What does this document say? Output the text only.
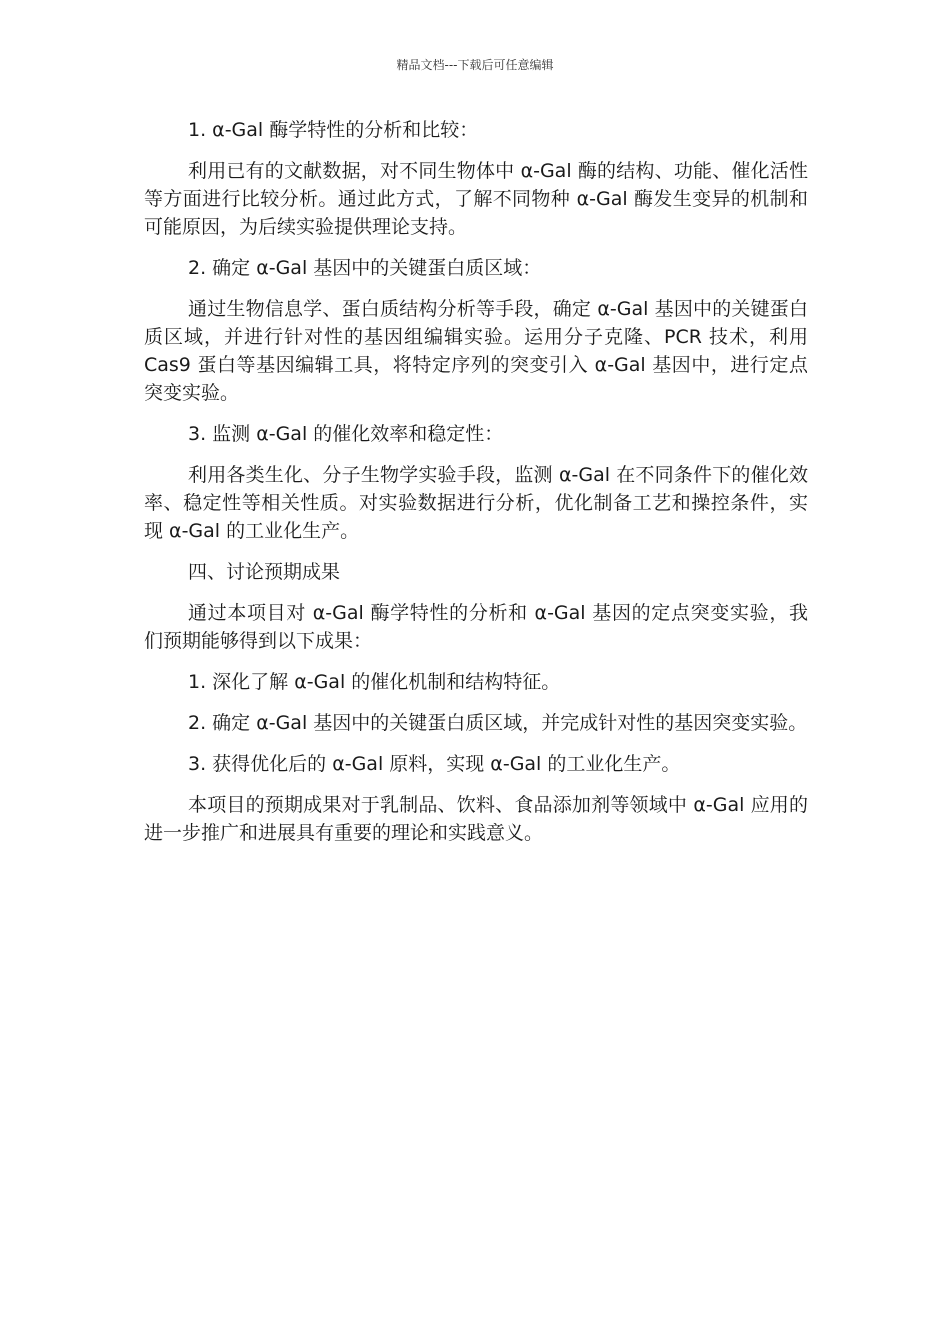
精品文档---下载后可任意编辑

1. α-Gal 酶学特性的分析和比较：

利用已有的文献数据，对不同生物体中 α-Gal 酶的结构、功能、催化活性等方面进行比较分析。通过此方式，了解不同物种 α-Gal 酶发生变异的机制和可能原因，为后续实验提供理论支持。

2. 确定 α-Gal 基因中的关键蛋白质区域：

通过生物信息学、蛋白质结构分析等手段，确定 α-Gal 基因中的关键蛋白质区域，并进行针对性的基因组编辑实验。运用分子克隆、PCR 技术，利用 Cas9 蛋白等基因编辑工具，将特定序列的突变引入 α-Gal 基因中，进行定点突变实验。

3. 监测 α-Gal 的催化效率和稳定性：

利用各类生化、分子生物学实验手段，监测 α-Gal 在不同条件下的催化效率、稳定性等相关性质。对实验数据进行分析，优化制备工艺和操控条件，实现 α-Gal 的工业化生产。

四、讨论预期成果

通过本项目对 α-Gal 酶学特性的分析和 α-Gal 基因的定点突变实验，我们预期能够得到以下成果：

1. 深化了解 α-Gal 的催化机制和结构特征。

2. 确定 α-Gal 基因中的关键蛋白质区域，并完成针对性的基因突变实验。

3. 获得优化后的 α-Gal 原料，实现 α-Gal 的工业化生产。

本项目的预期成果对于乳制品、饮料、食品添加剂等领域中 α-Gal 应用的进一步推广和进展具有重要的理论和实践意义。
